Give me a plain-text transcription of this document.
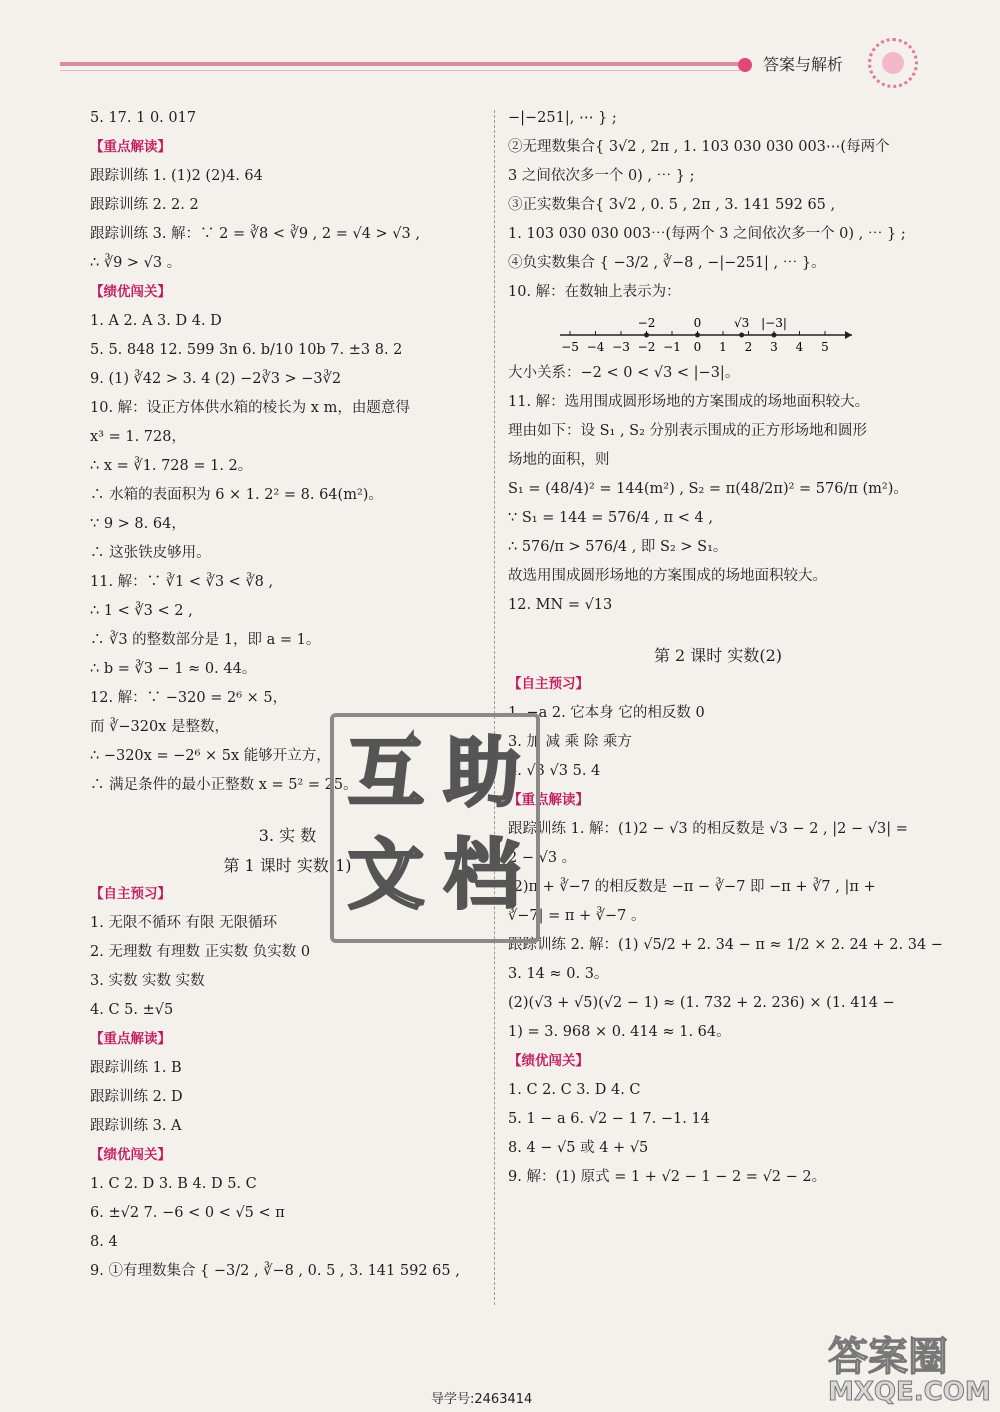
答案与解析

5. 17. 1 0. 017

【重点解读】

跟踪训练 1. (1)2 (2)4. 64

跟踪训练 2. 2. 2

跟踪训练 3. 解：∵ 2 = ∛8 < ∛9 , 2 = √4 > √3 ,

∴ ∛9 > √3 。

【绩优闯关】

1. A 2. A 3. D 4. D

5. 5. 848 12. 599 3n 6. b/10 10b 7. ±3 8. 2

9. (1) ∛42 > 3. 4 (2) −2∛3 > −3∛2

10. 解：设正方体供水箱的棱长为 x m，由题意得

x³ = 1. 728，

∴ x = ∛1. 728 = 1. 2。

∴ 水箱的表面积为 6 × 1. 2² = 8. 64(m²)。

∵ 9 > 8. 64，

∴ 这张铁皮够用。

11. 解：∵ ∛1 < ∛3 < ∛8 ,

∴ 1 < ∛3 < 2 ,

∴ ∛3 的整数部分是 1，即 a = 1。

∴ b = ∛3 − 1 ≈ 0. 44。

12. 解：∵ −320 = 2⁶ × 5，

而 ∛−320x 是整数，

∴ −320x = −2⁶ × 5x 能够开立方，

∴ 满足条件的最小正整数 x = 5² = 25。

3. 实 数

第 1 课时 实数(1)

【自主预习】

1. 无限不循环 有限 无限循环

2. 无理数 有理数 正实数 负实数 0

3. 实数 实数 实数

4. C 5. ±√5

【重点解读】

跟踪训练 1. B

跟踪训练 2. D

跟踪训练 3. A

【绩优闯关】

1. C 2. D 3. B 4. D 5. C

6. ±√2 7. −6 < 0 < √5 < π

8. 4

9. ①有理数集合 { −3/2 , ∛−8 , 0. 5 , 3. 141 592 65 ,

−|−251|, ⋯ } ;

②无理数集合{ 3√2 , 2π , 1. 103 030 030 003⋯(每两个

3 之间依次多一个 0) , ⋯ } ;

③正实数集合{ 3√2 , 0. 5 , 2π , 3. 141 592 65 ,

1. 103 030 030 003⋯(每两个 3 之间依次多一个 0) , ⋯ } ;

④负实数集合 { −3/2 , ∛−8 , −|−251| , ⋯ }。

10. 解：在数轴上表示为：

−5 −4 −3 −2 −1 0 1 2 3 4 5
−2	0	√3 |−3|

大小关系：−2 < 0 < √3 < |−3|。

11. 解：选用围成圆形场地的方案围成的场地面积较大。

理由如下：设 S₁ , S₂ 分别表示围成的正方形场地和圆形

场地的面积，则

S₁ = (48/4)² = 144(m²) , S₂ = π(48/2π)² = 576/π (m²)。

∵ S₁ = 144 = 576/4 , π < 4 ,

∴ 576/π > 576/4 , 即 S₂ > S₁。

故选用围成圆形场地的方案围成的场地面积较大。

12. MN = √13

第 2 课时 实数(2)

【自主预习】

1. −a 2. 它本身 它的相反数 0

3. 加 减 乘 除 乘方

4. √3 √3 5. 4

【重点解读】

跟踪训练 1. 解：(1)2 − √3 的相反数是 √3 − 2 , |2 − √3| =

2 − √3 。

(2)π + ∛−7 的相反数是 −π − ∛−7 即 −π + ∛7 , |π +

∛−7| = π + ∛−7 。

跟踪训练 2. 解：(1) √5/2 + 2. 34 − π ≈ 1/2 × 2. 24 + 2. 34 −

3. 14 ≈ 0. 3。

(2)(√3 + √5)(√2 − 1) ≈ (1. 732 + 2. 236) × (1. 414 −

1) = 3. 968 × 0. 414 ≈ 1. 64。

【绩优闯关】

1. C 2. C 3. D 4. C

5. 1 − a 6. √2 − 1 7. −1. 14

8. 4 − √5 或 4 + √5

9. 解：(1) 原式 = 1 + √2 − 1 − 2 = √2 − 2。

互 助
文 档
导学号:2463414
答案圈
MXQE.COM
